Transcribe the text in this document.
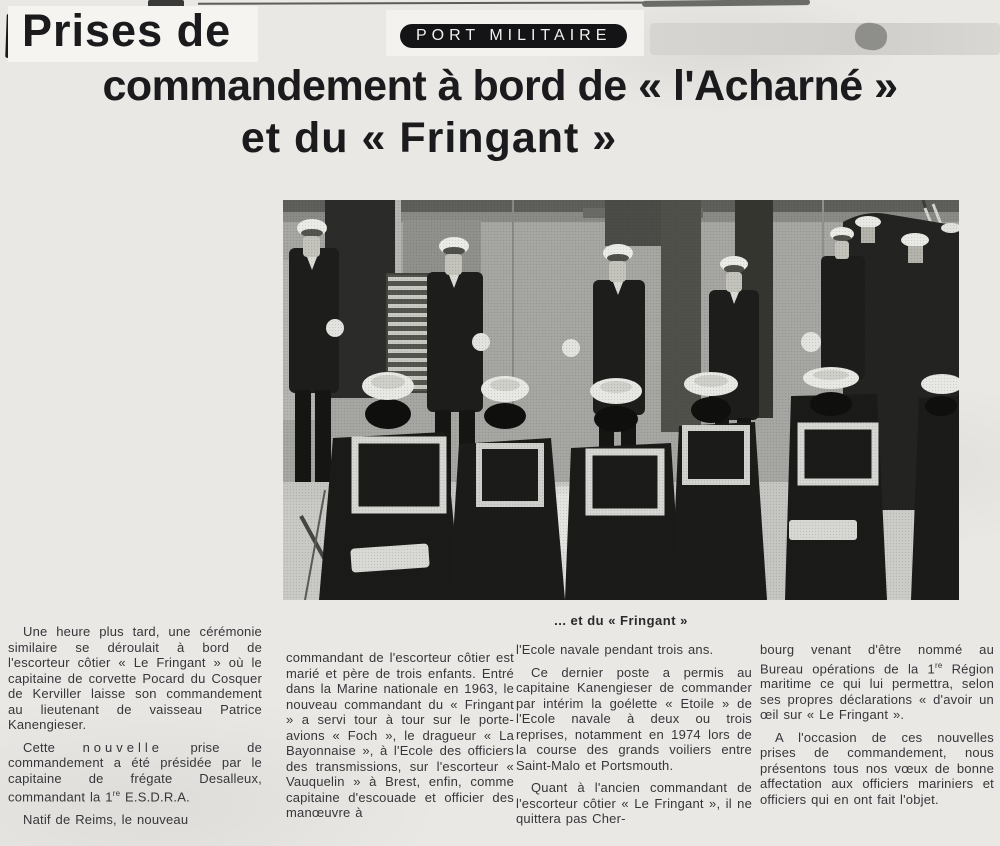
Prises de	PORT MILITAIRE
commandement à bord de « l'Acharné »
et du « Fringant »
... et du « Fringant »

Une heure plus tard, une cérémonie similaire se déroulait à bord de l'escorteur côtier « Le Fringant » où le capitaine de corvette Pocard du Cosquer de Kerviller laisse son commandement au lieutenant de vaisseau Patrice Kanengieser.

Cette nouvelle prise de commandement a été présidée par le capitaine de frégate Desalleux, commandant la 1re E.S.D.R.A.

Natif de Reims, le nouveau

commandant de l'escorteur côtier est marié et père de trois enfants. Entré dans la Marine nationale en 1963, le nouveau commandant du « Fringant » a servi tour à tour sur le porte-avions « Foch », le dragueur « La Bayonnaise », à l'Ecole des officiers des transmissions, sur l'escorteur « Vauquelin » à Brest, enfin, comme capitaine d'escouade et officier des manœuvre à

l'Ecole navale pendant trois ans.

Ce dernier poste a permis au capitaine Kanengieser de commander par intérim la goélette « Etoile » de l'Ecole navale à deux ou trois reprises, notamment en 1974 lors de la course des grands voiliers entre Saint-Malo et Portsmouth.

Quant à l'ancien commandant de l'escorteur côtier « Le Fringant », il ne quittera pas Cher-

bourg venant d'être nommé au Bureau opérations de la 1re Région maritime ce qui lui permettra, selon ses propres déclarations « d'avoir un œil sur « Le Fringant ».

A l'occasion de ces nouvelles prises de commandement, nous présentons tous nos vœux de bonne affectation aux officiers mariniers et officiers qui en ont fait l'objet.
